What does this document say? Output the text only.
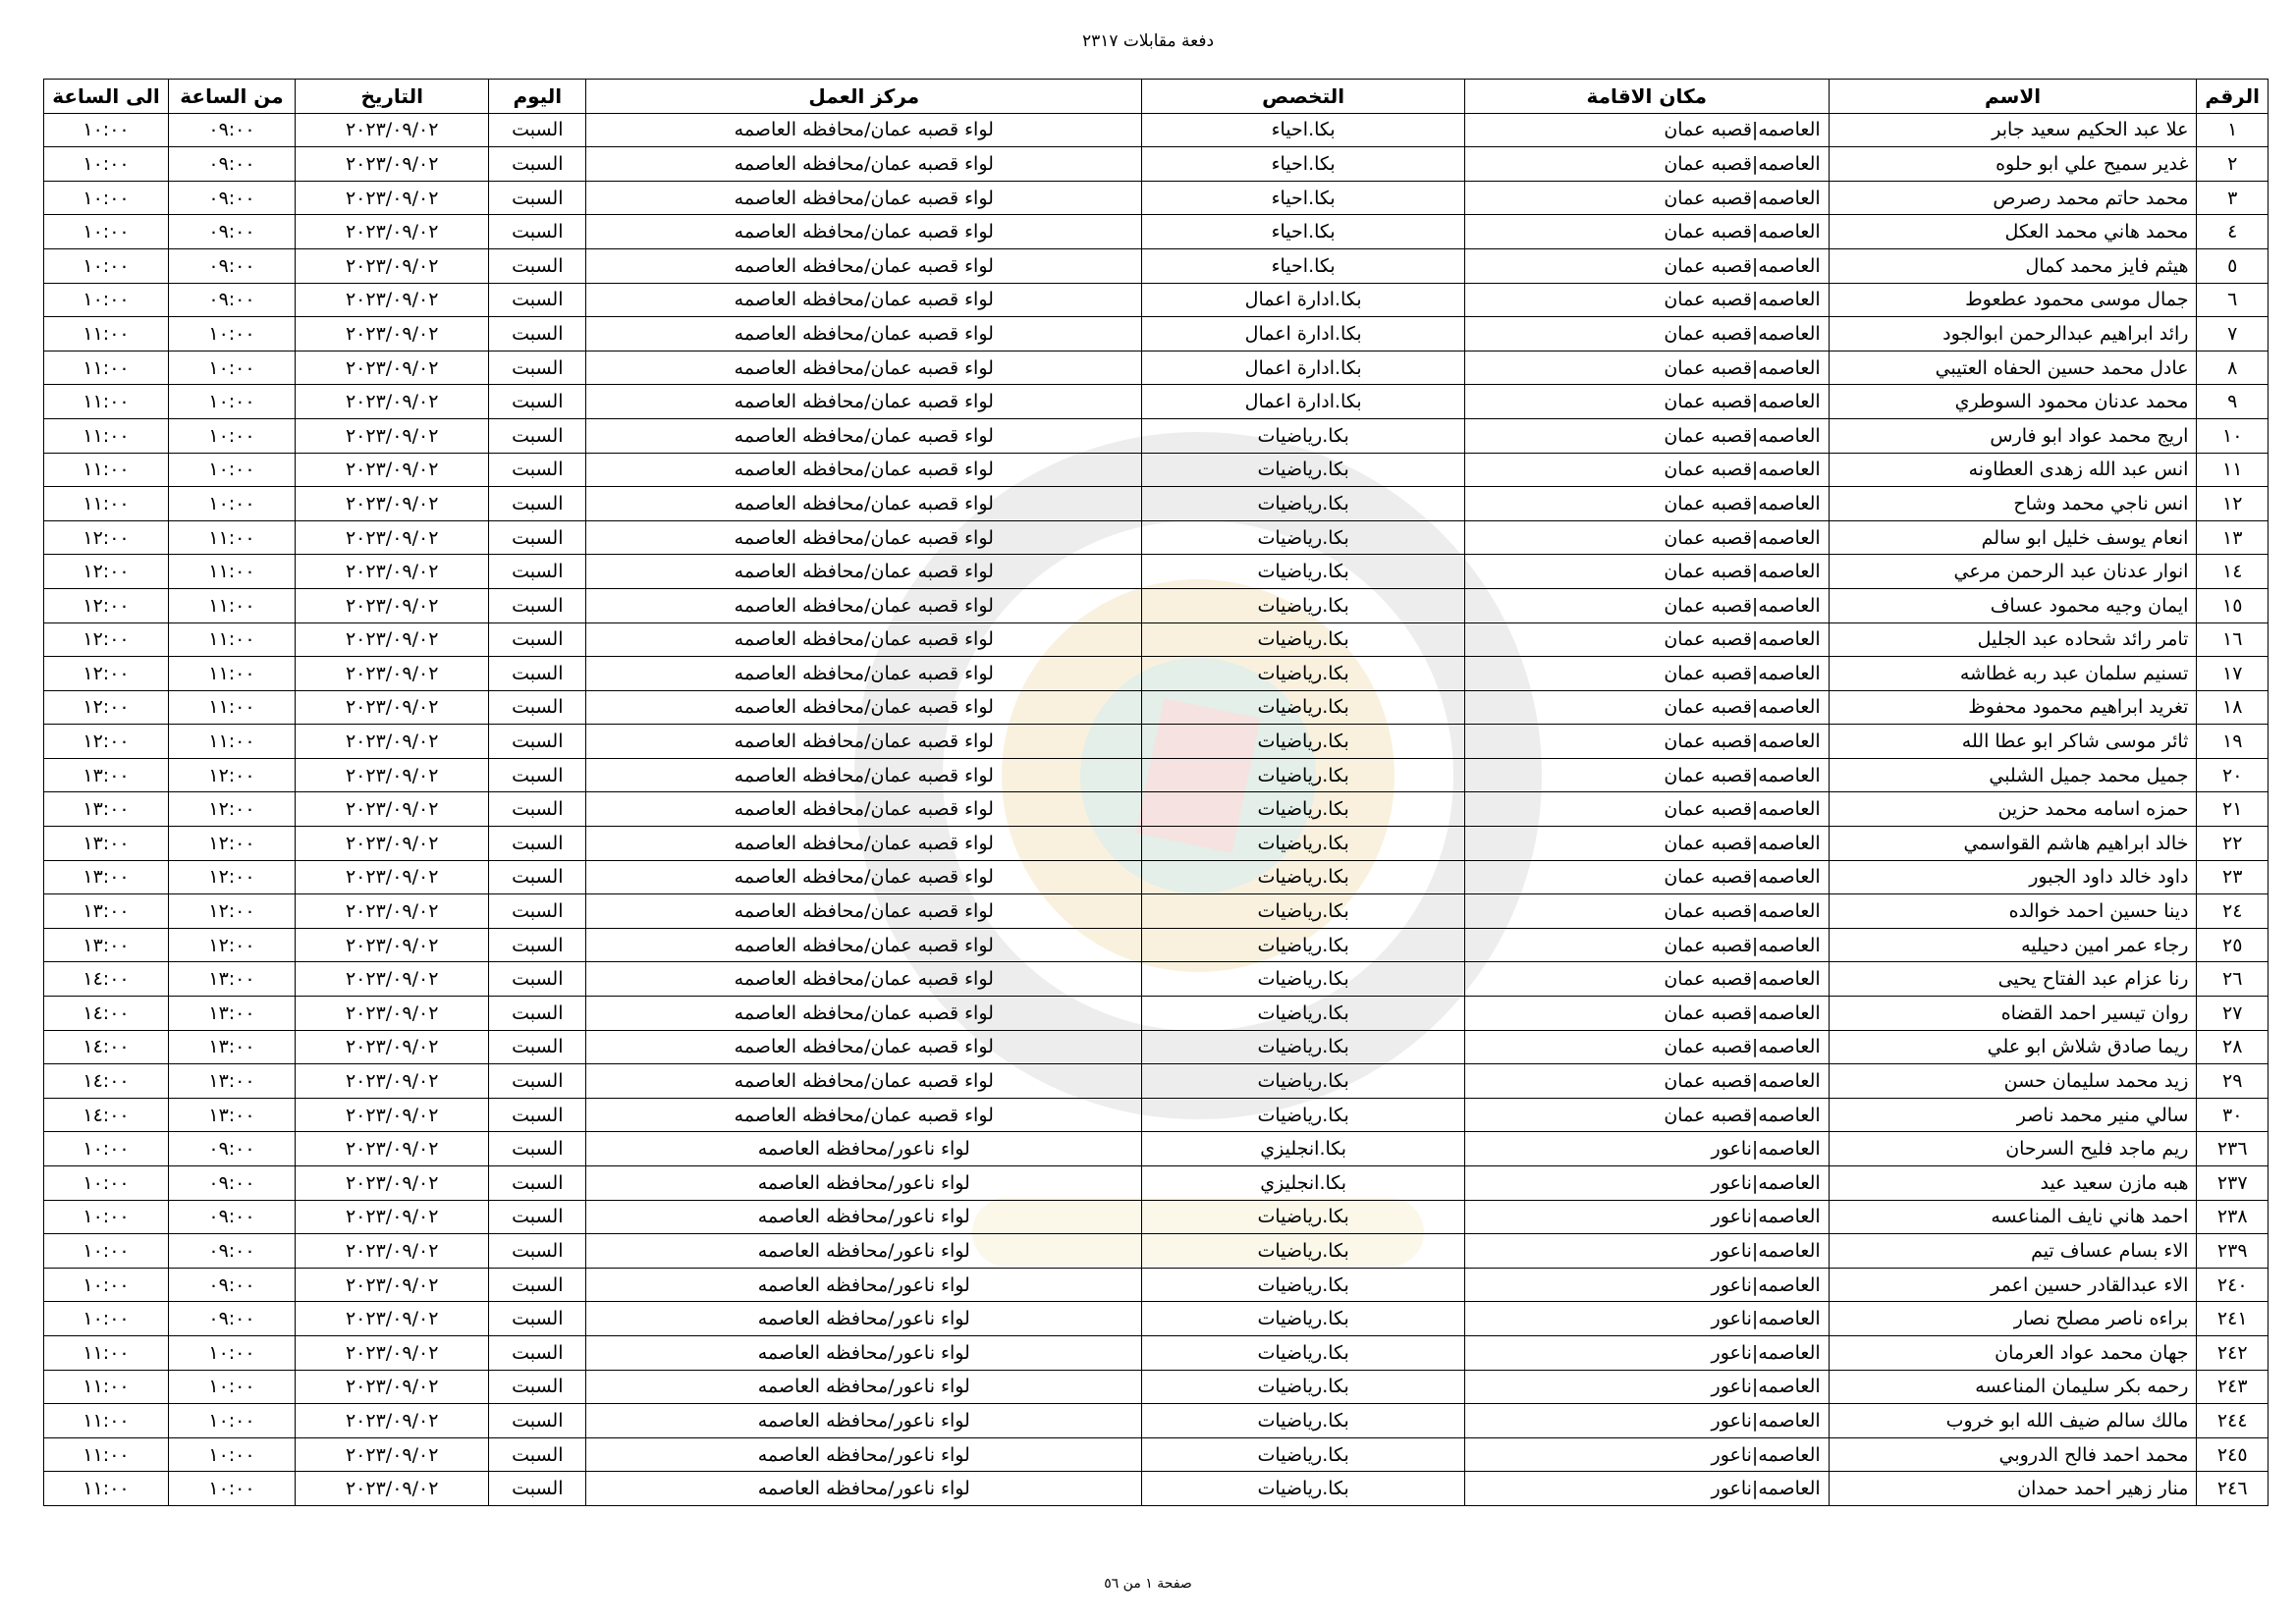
دفعة مقابلات ٢٣١٧
الرقم	الاسم	مكان الاقامة	التخصص	مركز العمل	اليوم	التاريخ	من الساعة	الى الساعة
١	علا عبد الحكيم سعيد جابر	العاصمه|قصبه عمان	بكا.احياء	لواء قصبه عمان/محافظه العاصمه	السبت	٢٠٢٣/٠٩/٠٢	٠٩:٠٠	١٠:٠٠
٢	غدير سميح علي ابو حلوه	العاصمه|قصبه عمان	بكا.احياء	لواء قصبه عمان/محافظه العاصمه	السبت	٢٠٢٣/٠٩/٠٢	٠٩:٠٠	١٠:٠٠
٣	محمد حاتم محمد رصرص	العاصمه|قصبه عمان	بكا.احياء	لواء قصبه عمان/محافظه العاصمه	السبت	٢٠٢٣/٠٩/٠٢	٠٩:٠٠	١٠:٠٠
٤	محمد هاني محمد العكل	العاصمه|قصبه عمان	بكا.احياء	لواء قصبه عمان/محافظه العاصمه	السبت	٢٠٢٣/٠٩/٠٢	٠٩:٠٠	١٠:٠٠
٥	هيثم فايز محمد كمال	العاصمه|قصبه عمان	بكا.احياء	لواء قصبه عمان/محافظه العاصمه	السبت	٢٠٢٣/٠٩/٠٢	٠٩:٠٠	١٠:٠٠
٦	جمال موسى محمود عطعوط	العاصمه|قصبه عمان	بكا.ادارة اعمال	لواء قصبه عمان/محافظه العاصمه	السبت	٢٠٢٣/٠٩/٠٢	٠٩:٠٠	١٠:٠٠
٧	رائد ابراهيم عبدالرحمن ابوالجود	العاصمه|قصبه عمان	بكا.ادارة اعمال	لواء قصبه عمان/محافظه العاصمه	السبت	٢٠٢٣/٠٩/٠٢	١٠:٠٠	١١:٠٠
٨	عادل محمد حسين الحفاه العتيبي	العاصمه|قصبه عمان	بكا.ادارة اعمال	لواء قصبه عمان/محافظه العاصمه	السبت	٢٠٢٣/٠٩/٠٢	١٠:٠٠	١١:٠٠
٩	محمد عدنان محمود السوطري	العاصمه|قصبه عمان	بكا.ادارة اعمال	لواء قصبه عمان/محافظه العاصمه	السبت	٢٠٢٣/٠٩/٠٢	١٠:٠٠	١١:٠٠
١٠	اريج محمد عواد ابو فارس	العاصمه|قصبه عمان	بكا.رياضيات	لواء قصبه عمان/محافظه العاصمه	السبت	٢٠٢٣/٠٩/٠٢	١٠:٠٠	١١:٠٠
١١	انس عبد الله زهدى العطاونه	العاصمه|قصبه عمان	بكا.رياضيات	لواء قصبه عمان/محافظه العاصمه	السبت	٢٠٢٣/٠٩/٠٢	١٠:٠٠	١١:٠٠
١٢	انس ناجي محمد وشاح	العاصمه|قصبه عمان	بكا.رياضيات	لواء قصبه عمان/محافظه العاصمه	السبت	٢٠٢٣/٠٩/٠٢	١٠:٠٠	١١:٠٠
١٣	انعام يوسف خليل ابو سالم	العاصمه|قصبه عمان	بكا.رياضيات	لواء قصبه عمان/محافظه العاصمه	السبت	٢٠٢٣/٠٩/٠٢	١١:٠٠	١٢:٠٠
١٤	انوار عدنان عبد الرحمن مرعي	العاصمه|قصبه عمان	بكا.رياضيات	لواء قصبه عمان/محافظه العاصمه	السبت	٢٠٢٣/٠٩/٠٢	١١:٠٠	١٢:٠٠
١٥	ايمان وجيه محمود عساف	العاصمه|قصبه عمان	بكا.رياضيات	لواء قصبه عمان/محافظه العاصمه	السبت	٢٠٢٣/٠٩/٠٢	١١:٠٠	١٢:٠٠
١٦	تامر رائد شحاده عبد الجليل	العاصمه|قصبه عمان	بكا.رياضيات	لواء قصبه عمان/محافظه العاصمه	السبت	٢٠٢٣/٠٩/٠٢	١١:٠٠	١٢:٠٠
١٧	تسنيم سلمان عبد ربه غطاشه	العاصمه|قصبه عمان	بكا.رياضيات	لواء قصبه عمان/محافظه العاصمه	السبت	٢٠٢٣/٠٩/٠٢	١١:٠٠	١٢:٠٠
١٨	تغريد ابراهيم محمود محفوظ	العاصمه|قصبه عمان	بكا.رياضيات	لواء قصبه عمان/محافظه العاصمه	السبت	٢٠٢٣/٠٩/٠٢	١١:٠٠	١٢:٠٠
١٩	ثائر موسى شاكر ابو عطا الله	العاصمه|قصبه عمان	بكا.رياضيات	لواء قصبه عمان/محافظه العاصمه	السبت	٢٠٢٣/٠٩/٠٢	١١:٠٠	١٢:٠٠
٢٠	جميل محمد جميل الشلبي	العاصمه|قصبه عمان	بكا.رياضيات	لواء قصبه عمان/محافظه العاصمه	السبت	٢٠٢٣/٠٩/٠٢	١٢:٠٠	١٣:٠٠
٢١	حمزه اسامه محمد حزين	العاصمه|قصبه عمان	بكا.رياضيات	لواء قصبه عمان/محافظه العاصمه	السبت	٢٠٢٣/٠٩/٠٢	١٢:٠٠	١٣:٠٠
٢٢	خالد ابراهيم هاشم القواسمي	العاصمه|قصبه عمان	بكا.رياضيات	لواء قصبه عمان/محافظه العاصمه	السبت	٢٠٢٣/٠٩/٠٢	١٢:٠٠	١٣:٠٠
٢٣	داود خالد داود الجبور	العاصمه|قصبه عمان	بكا.رياضيات	لواء قصبه عمان/محافظه العاصمه	السبت	٢٠٢٣/٠٩/٠٢	١٢:٠٠	١٣:٠٠
٢٤	دينا حسين احمد خوالده	العاصمه|قصبه عمان	بكا.رياضيات	لواء قصبه عمان/محافظه العاصمه	السبت	٢٠٢٣/٠٩/٠٢	١٢:٠٠	١٣:٠٠
٢٥	رجاء عمر امين دحيليه	العاصمه|قصبه عمان	بكا.رياضيات	لواء قصبه عمان/محافظه العاصمه	السبت	٢٠٢٣/٠٩/٠٢	١٢:٠٠	١٣:٠٠
٢٦	رنا عزام عبد الفتاح يحيى	العاصمه|قصبه عمان	بكا.رياضيات	لواء قصبه عمان/محافظه العاصمه	السبت	٢٠٢٣/٠٩/٠٢	١٣:٠٠	١٤:٠٠
٢٧	روان تيسير احمد القضاه	العاصمه|قصبه عمان	بكا.رياضيات	لواء قصبه عمان/محافظه العاصمه	السبت	٢٠٢٣/٠٩/٠٢	١٣:٠٠	١٤:٠٠
٢٨	ريما صادق شلاش ابو علي	العاصمه|قصبه عمان	بكا.رياضيات	لواء قصبه عمان/محافظه العاصمه	السبت	٢٠٢٣/٠٩/٠٢	١٣:٠٠	١٤:٠٠
٢٩	زيد محمد سليمان حسن	العاصمه|قصبه عمان	بكا.رياضيات	لواء قصبه عمان/محافظه العاصمه	السبت	٢٠٢٣/٠٩/٠٢	١٣:٠٠	١٤:٠٠
٣٠	سالي منير محمد ناصر	العاصمه|قصبه عمان	بكا.رياضيات	لواء قصبه عمان/محافظه العاصمه	السبت	٢٠٢٣/٠٩/٠٢	١٣:٠٠	١٤:٠٠
٢٣٦	ريم ماجد فليح السرحان	العاصمه|ناعور	بكا.انجليزي	لواء ناعور/محافظه العاصمه	السبت	٢٠٢٣/٠٩/٠٢	٠٩:٠٠	١٠:٠٠
٢٣٧	هبه مازن سعيد عيد	العاصمه|ناعور	بكا.انجليزي	لواء ناعور/محافظه العاصمه	السبت	٢٠٢٣/٠٩/٠٢	٠٩:٠٠	١٠:٠٠
٢٣٨	احمد هاني نايف المناعسه	العاصمه|ناعور	بكا.رياضيات	لواء ناعور/محافظه العاصمه	السبت	٢٠٢٣/٠٩/٠٢	٠٩:٠٠	١٠:٠٠
٢٣٩	الاء بسام عساف تيم	العاصمه|ناعور	بكا.رياضيات	لواء ناعور/محافظه العاصمه	السبت	٢٠٢٣/٠٩/٠٢	٠٩:٠٠	١٠:٠٠
٢٤٠	الاء عبدالقادر حسين اعمر	العاصمه|ناعور	بكا.رياضيات	لواء ناعور/محافظه العاصمه	السبت	٢٠٢٣/٠٩/٠٢	٠٩:٠٠	١٠:٠٠
٢٤١	براءه ناصر مصلح نصار	العاصمه|ناعور	بكا.رياضيات	لواء ناعور/محافظه العاصمه	السبت	٢٠٢٣/٠٩/٠٢	٠٩:٠٠	١٠:٠٠
٢٤٢	جهان محمد عواد العرمان	العاصمه|ناعور	بكا.رياضيات	لواء ناعور/محافظه العاصمه	السبت	٢٠٢٣/٠٩/٠٢	١٠:٠٠	١١:٠٠
٢٤٣	رحمه بكر سليمان المناعسه	العاصمه|ناعور	بكا.رياضيات	لواء ناعور/محافظه العاصمه	السبت	٢٠٢٣/٠٩/٠٢	١٠:٠٠	١١:٠٠
٢٤٤	مالك سالم ضيف الله ابو خروب	العاصمه|ناعور	بكا.رياضيات	لواء ناعور/محافظه العاصمه	السبت	٢٠٢٣/٠٩/٠٢	١٠:٠٠	١١:٠٠
٢٤٥	محمد احمد فالح الدروبي	العاصمه|ناعور	بكا.رياضيات	لواء ناعور/محافظه العاصمه	السبت	٢٠٢٣/٠٩/٠٢	١٠:٠٠	١١:٠٠
٢٤٦	منار زهير احمد حمدان	العاصمه|ناعور	بكا.رياضيات	لواء ناعور/محافظه العاصمه	السبت	٢٠٢٣/٠٩/٠٢	١٠:٠٠	١١:٠٠
صفحة ١ من ٥٦
